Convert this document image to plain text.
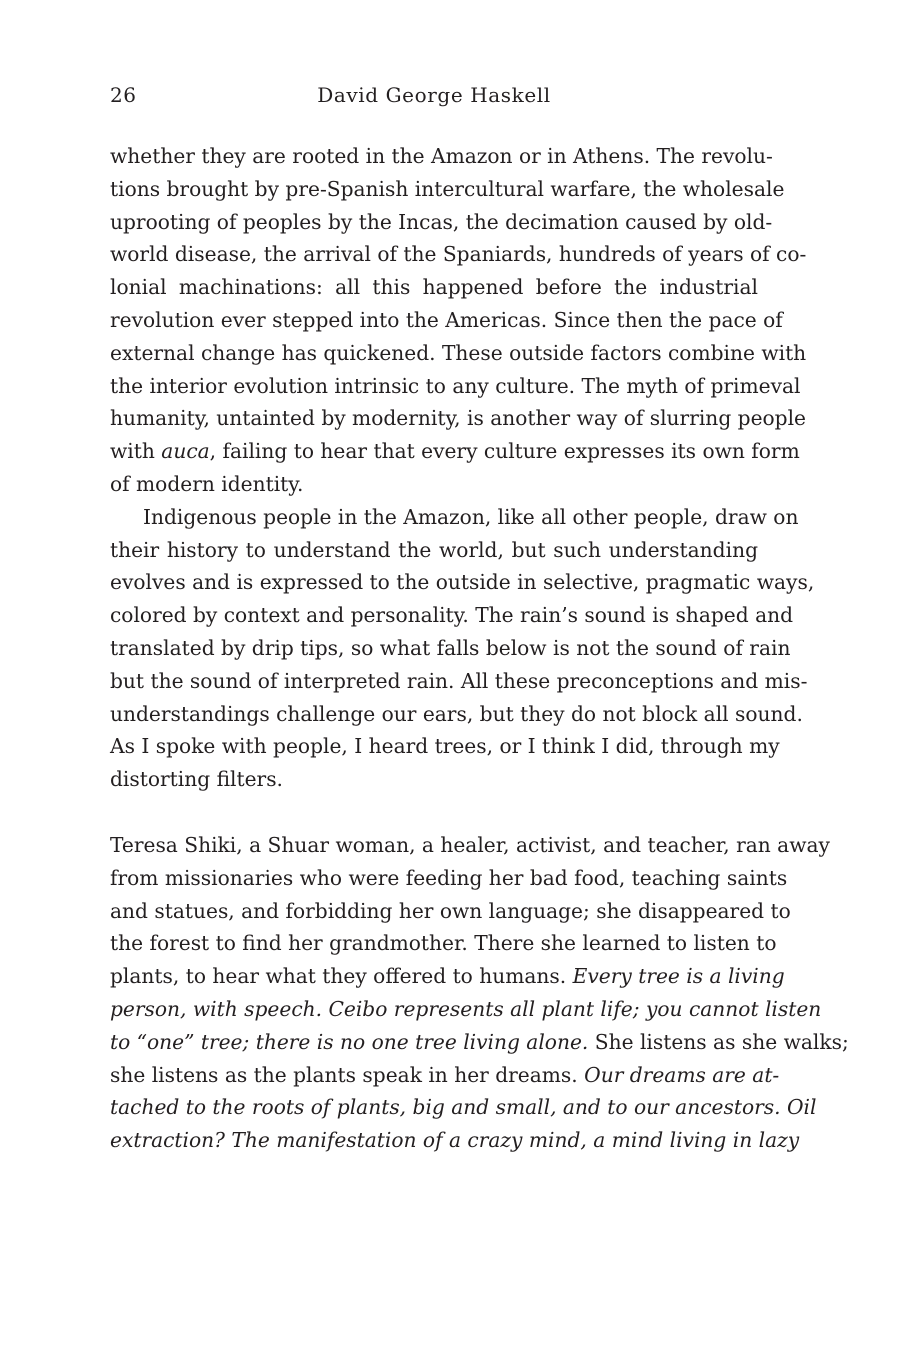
26	David George Haskell
whether they are rooted in the Amazon or in Athens. The revolu-
tions brought by pre-Spanish intercultural warfare, the wholesale
uprooting of peoples by the Incas, the decimation caused by old-
world disease, the arrival of the Spaniards, hundreds of years of co-
lonial machinations: all this happened before the industrial
revolution ever stepped into the Americas. Since then the pace of
external change has quickened. These outside factors combine with
the interior evolution intrinsic to any culture. The myth of primeval
humanity, untainted by modernity, is another way of slurring people
with auca, failing to hear that every culture expresses its own form
of modern identity.
Indigenous people in the Amazon, like all other people, draw on
their history to understand the world, but such understanding
evolves and is expressed to the outside in selective, pragmatic ways,
colored by context and personality. The rain’s sound is shaped and
translated by drip tips, so what falls below is not the sound of rain
but the sound of interpreted rain. All these preconceptions and mis-
understandings challenge our ears, but they do not block all sound.
As I spoke with people, I heard trees, or I think I did, through my
distorting filters.
Teresa Shiki, a Shuar woman, a healer, activist, and teacher, ran away
from missionaries who were feeding her bad food, teaching saints
and statues, and forbidding her own language; she disappeared to
the forest to find her grandmother. There she learned to listen to
plants, to hear what they offered to humans. Every tree is a living
person, with speech. Ceibo represents all plant life; you cannot listen
to “one” tree; there is no one tree living alone. She listens as she walks;
she listens as the plants speak in her dreams. Our dreams are at-
tached to the roots of plants, big and small, and to our ancestors. Oil
extraction? The manifestation of a crazy mind, a mind living in lazy
